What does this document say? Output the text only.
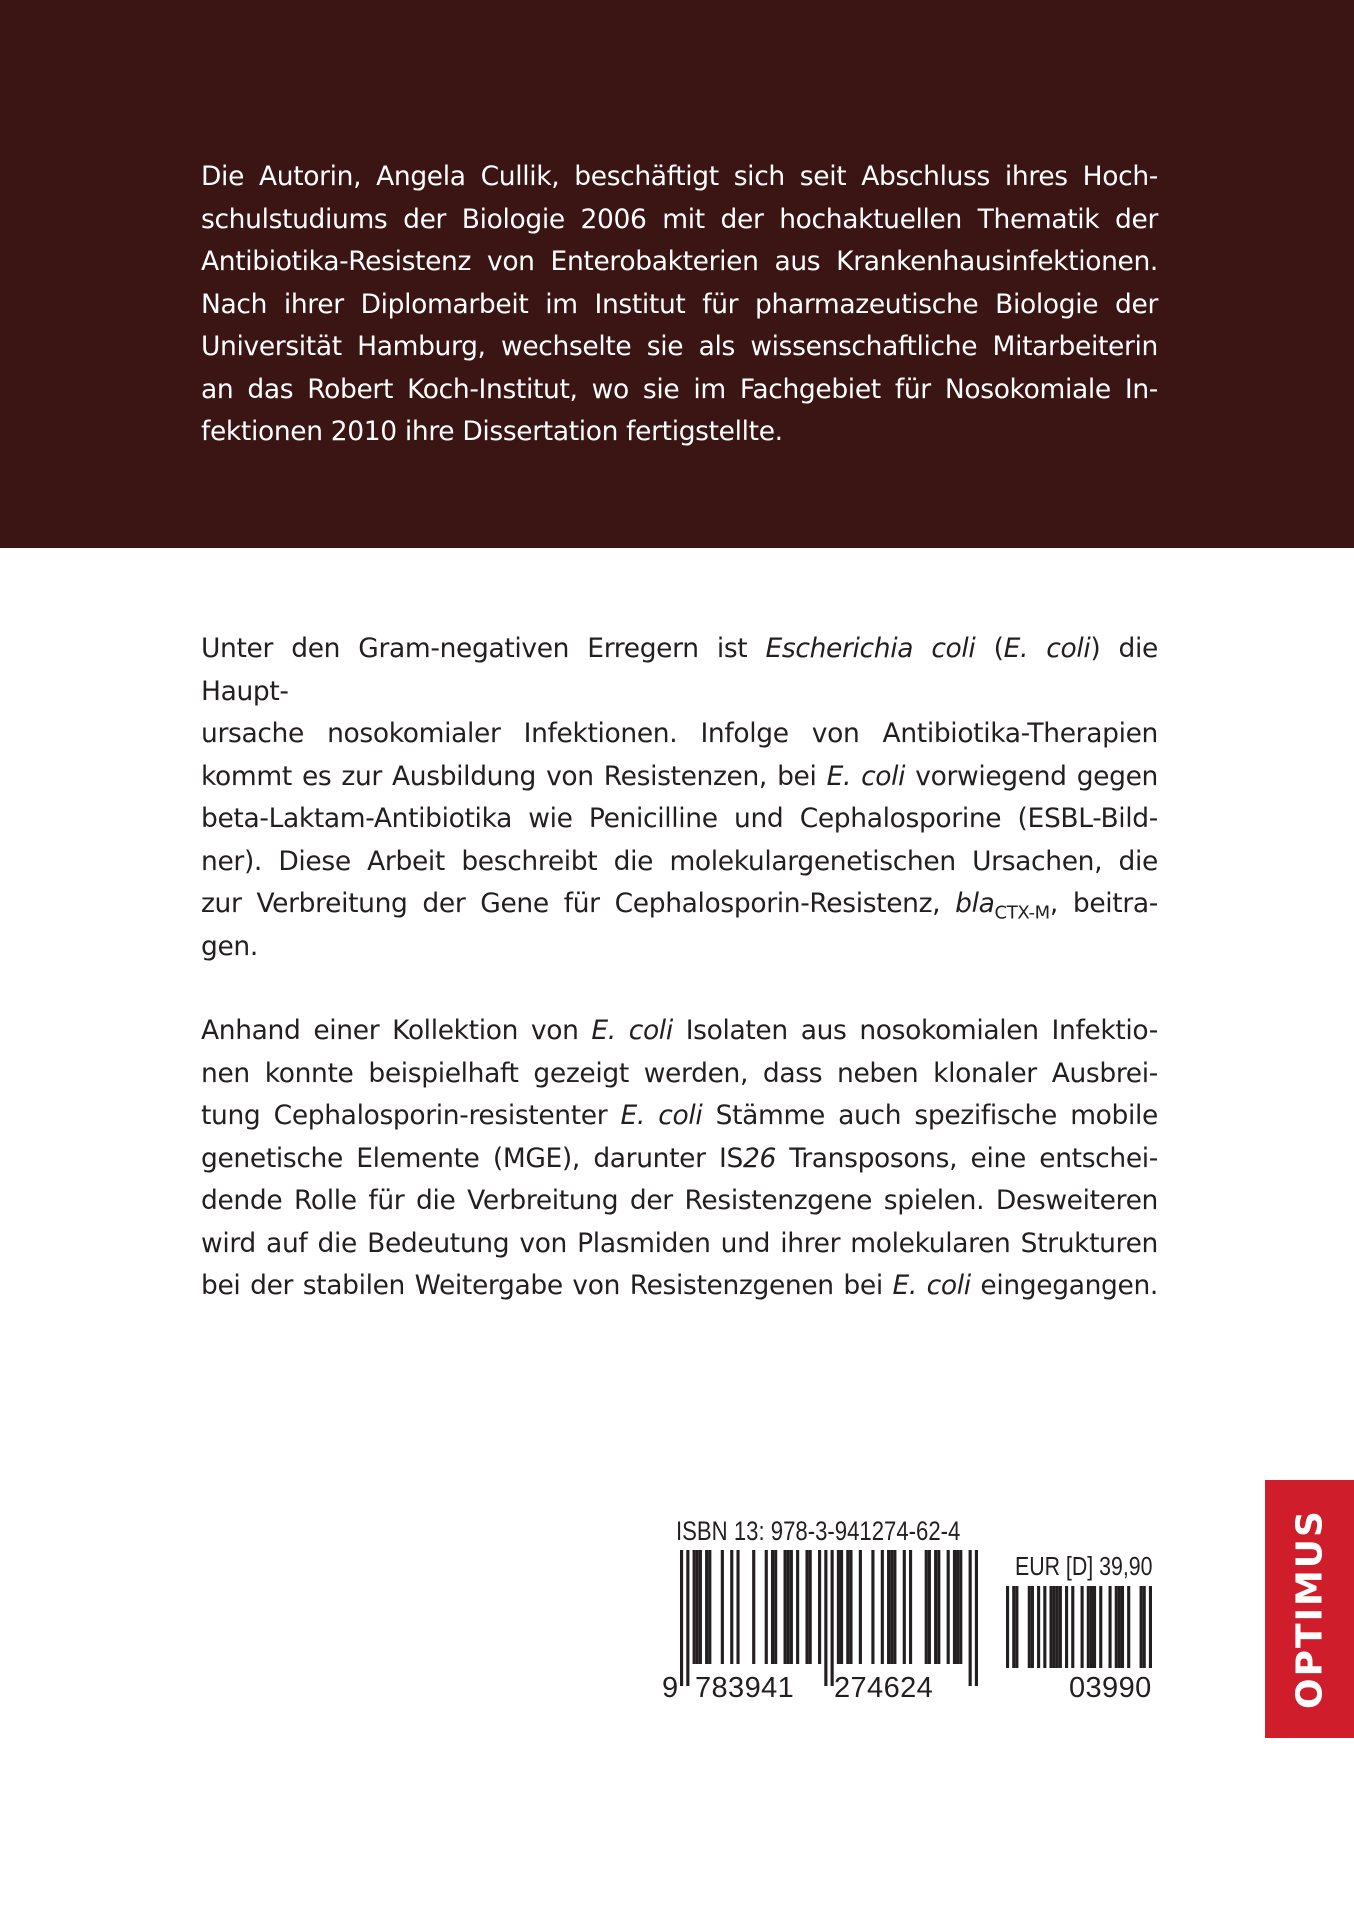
Die Autorin, Angela Cullik, beschäftigt sich seit Abschluss ihres Hoch-
schulstudiums der Biologie 2006 mit der hochaktuellen Thematik der
Antibiotika-Resistenz von Enterobakterien aus Krankenhausinfektionen.
Nach ihrer Diplomarbeit im Institut für pharmazeutische Biologie der
Universität Hamburg, wechselte sie als wissenschaftliche Mitarbeiterin
an das Robert Koch-Institut, wo sie im Fachgebiet für Nosokomiale In-
fektionen 2010 ihre Dissertation fertigstellte.
Unter den Gram-negativen Erregern ist Escherichia coli (E. coli) die Haupt-
ursache nosokomialer Infektionen. Infolge von Antibiotika-Therapien
kommt es zur Ausbildung von Resistenzen, bei E. coli vorwiegend gegen
beta-Laktam-Antibiotika wie Penicilline und Cephalosporine (ESBL-Bild-
ner). Diese Arbeit beschreibt die molekulargenetischen Ursachen, die
zur Verbreitung der Gene für Cephalosporin-Resistenz, bla$_{CTX-M}$, beitra-
gen.
Anhand einer Kollektion von E. coli Isolaten aus nosokomialen Infektio-
nen konnte beispielhaft gezeigt werden, dass neben klonaler Ausbrei-
tung Cephalosporin-resistenter E. coli Stämme auch spezifische mobile
genetische Elemente (MGE), darunter IS26 Transposons, eine entschei-
dende Rolle für die Verbreitung der Resistenzgene spielen. Desweiteren
wird auf die Bedeutung von Plasmiden und ihrer molekularen Strukturen
bei der stabilen Weitergabe von Resistenzgenen bei E. coli eingegangen.
ISBN 13: 978-3-941274-62-4
EUR [D] 39,90
9 783941 274624	03990	OPTIMUS
